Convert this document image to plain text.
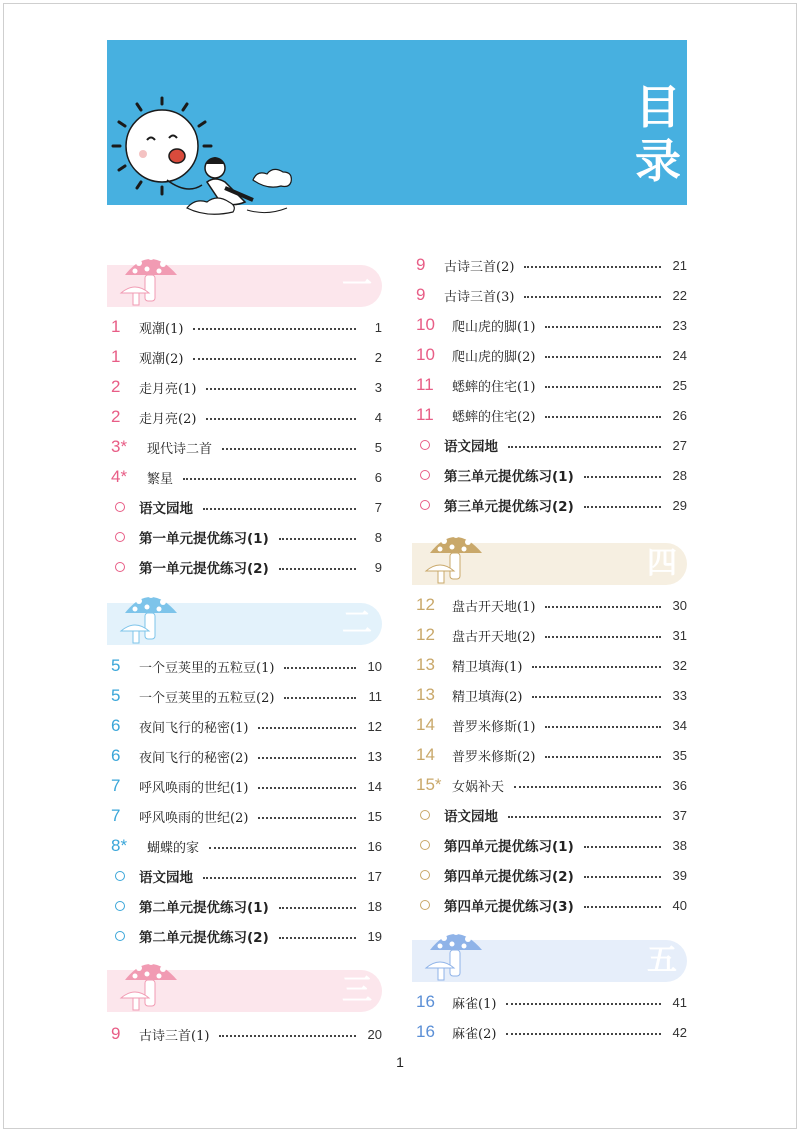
目录
一
1	观潮(1)	1
1	观潮(2)	2
2	走月亮(1)	3
2	走月亮(2)	4
3*	现代诗二首	5
4*	繁星	6
语文园地	7
第一单元提优练习(1)	8
第一单元提优练习(2)	9
二
5	一个豆荚里的五粒豆(1)	10
5	一个豆荚里的五粒豆(2)	11
6	夜间飞行的秘密(1)	12
6	夜间飞行的秘密(2)	13
7	呼风唤雨的世纪(1)	14
7	呼风唤雨的世纪(2)	15
8*	蝴蝶的家	16
语文园地	17
第二单元提优练习(1)	18
第二单元提优练习(2)	19
三
9	古诗三首(1)	20
9	古诗三首(2)	21
9	古诗三首(3)	22
10	爬山虎的脚(1)	23
10	爬山虎的脚(2)	24
11	蟋蟀的住宅(1)	25
11	蟋蟀的住宅(2)	26
语文园地	27
第三单元提优练习(1)	28
第三单元提优练习(2)	29
四
12	盘古开天地(1)	30
12	盘古开天地(2)	31
13	精卫填海(1)	32
13	精卫填海(2)	33
14	普罗米修斯(1)	34
14	普罗米修斯(2)	35
15* 女娲补天	36
语文园地	37
第四单元提优练习(1)	38
第四单元提优练习(2)	39
第四单元提优练习(3)	40
五
16	麻雀(1)	41
16	麻雀(2)	42
1
